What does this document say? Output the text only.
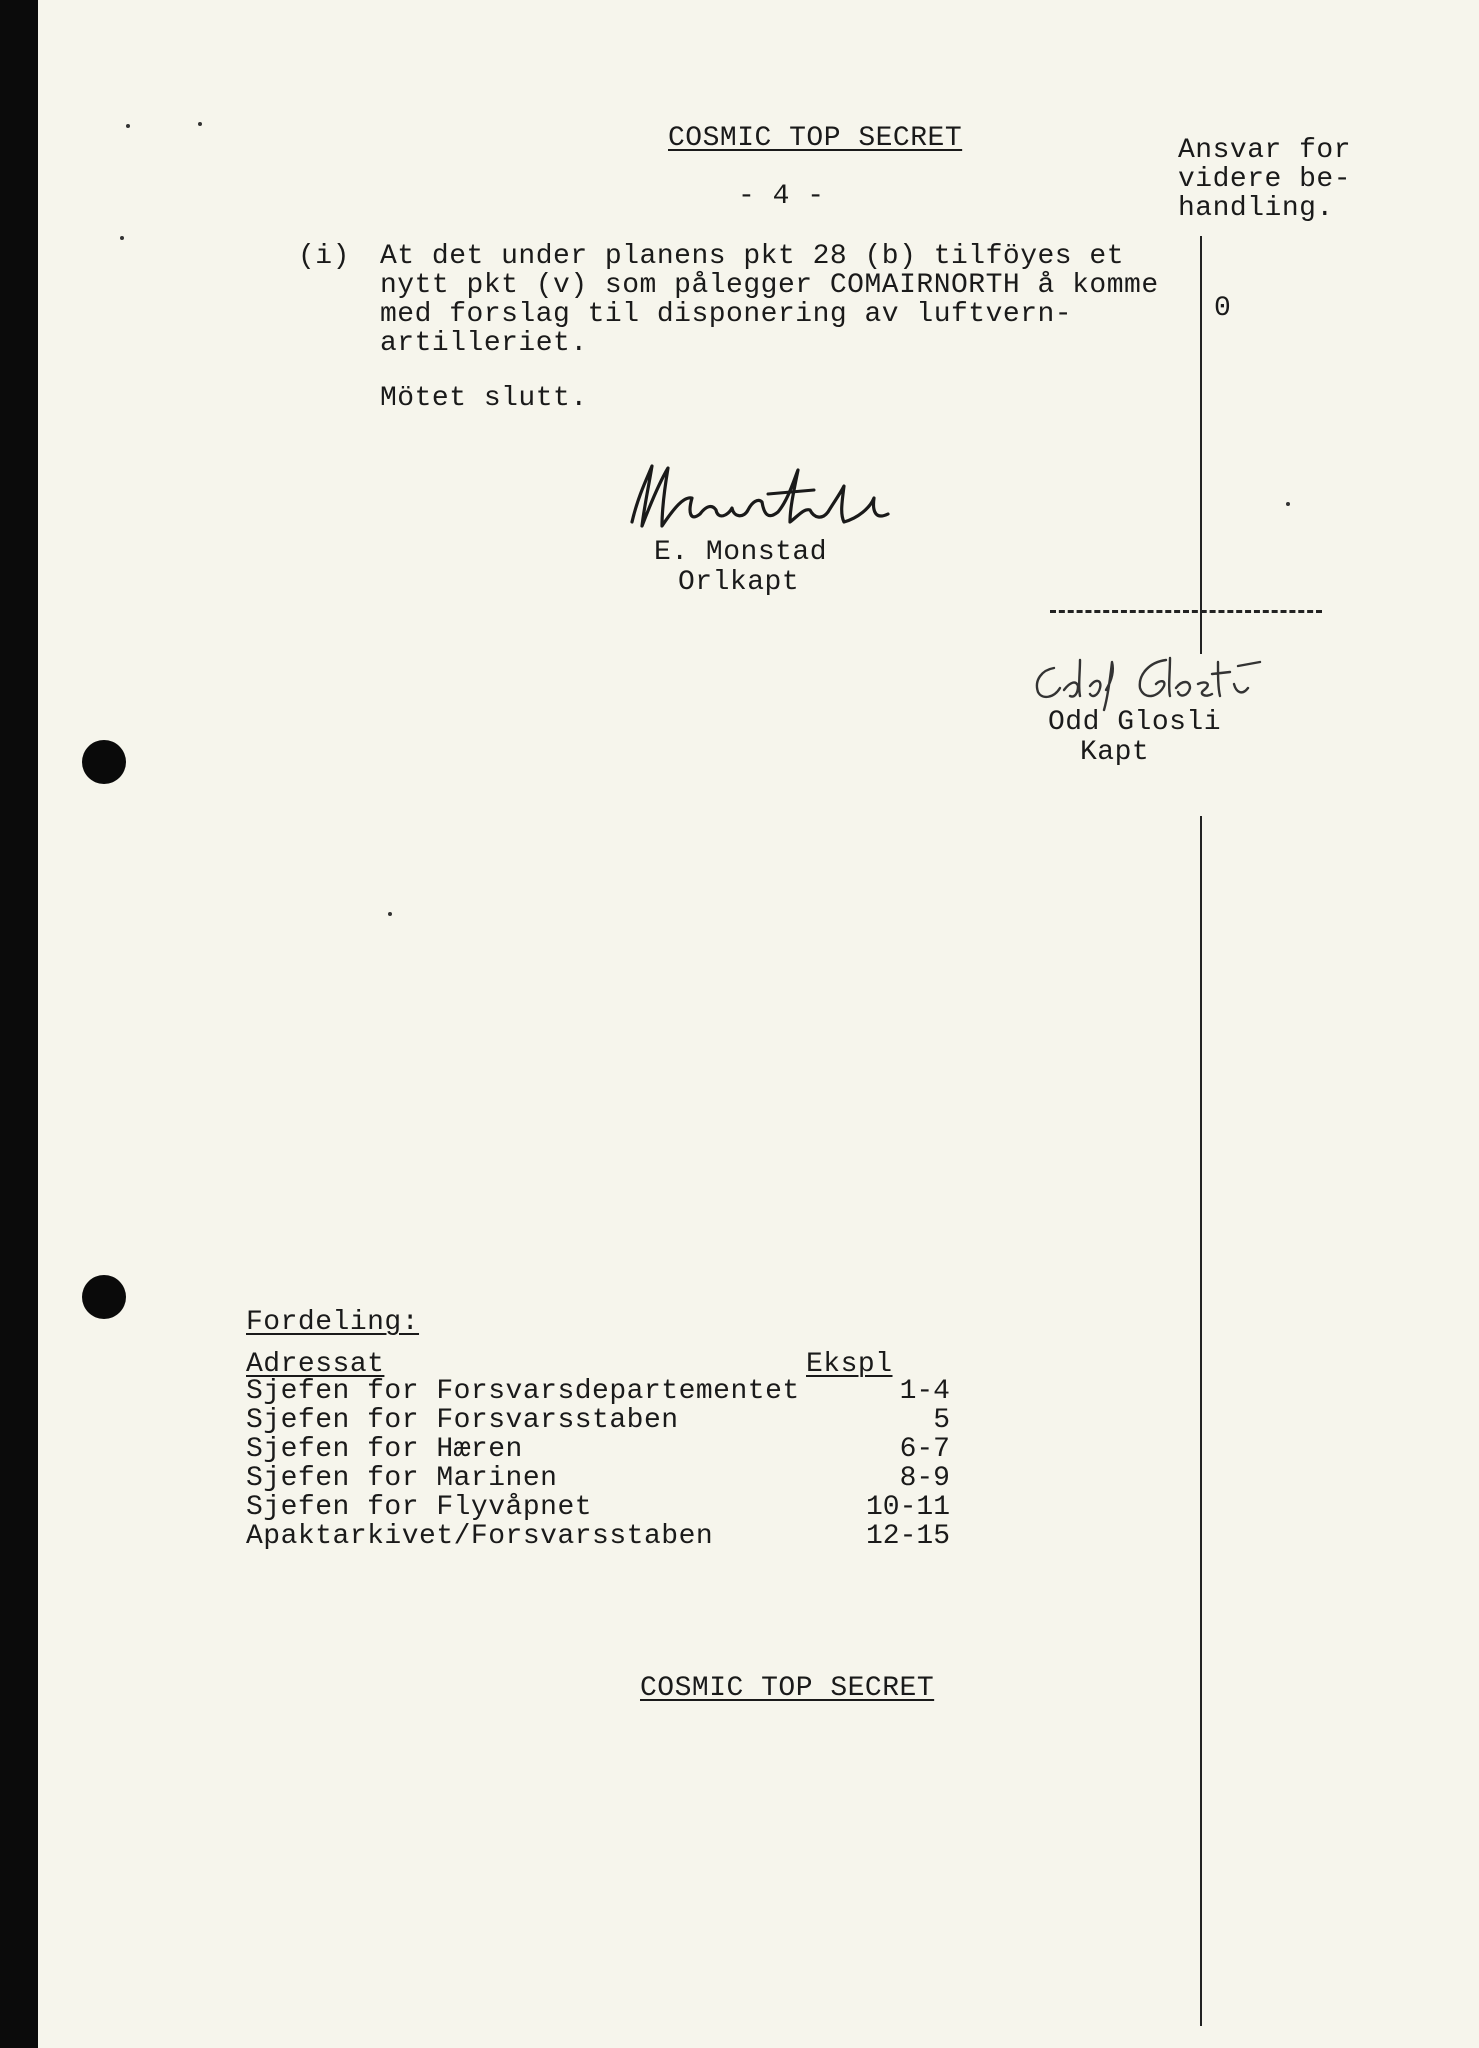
COSMIC TOP SECRET
- 4 -
Ansvar for
videre be-
handling.
0
(i) At det under planens pkt 28 (b) tilföyes et
nytt pkt (v) som pålegger COMAIRNORTH å komme
med forslag til disponering av luftvern-
artilleriet.
Mötet slutt.
E. Monstad
Orlkapt
Odd Glosli
Kapt
Fordeling:
Adressat	Ekspl
Sjefen for Forsvarsdepartementet	1-4
Sjefen for Forsvarsstaben	5
Sjefen for Hæren	6-7
Sjefen for Marinen	8-9
Sjefen for Flyvåpnet	10-11
Apaktarkivet/Forsvarsstaben	12-15
COSMIC TOP SECRET
